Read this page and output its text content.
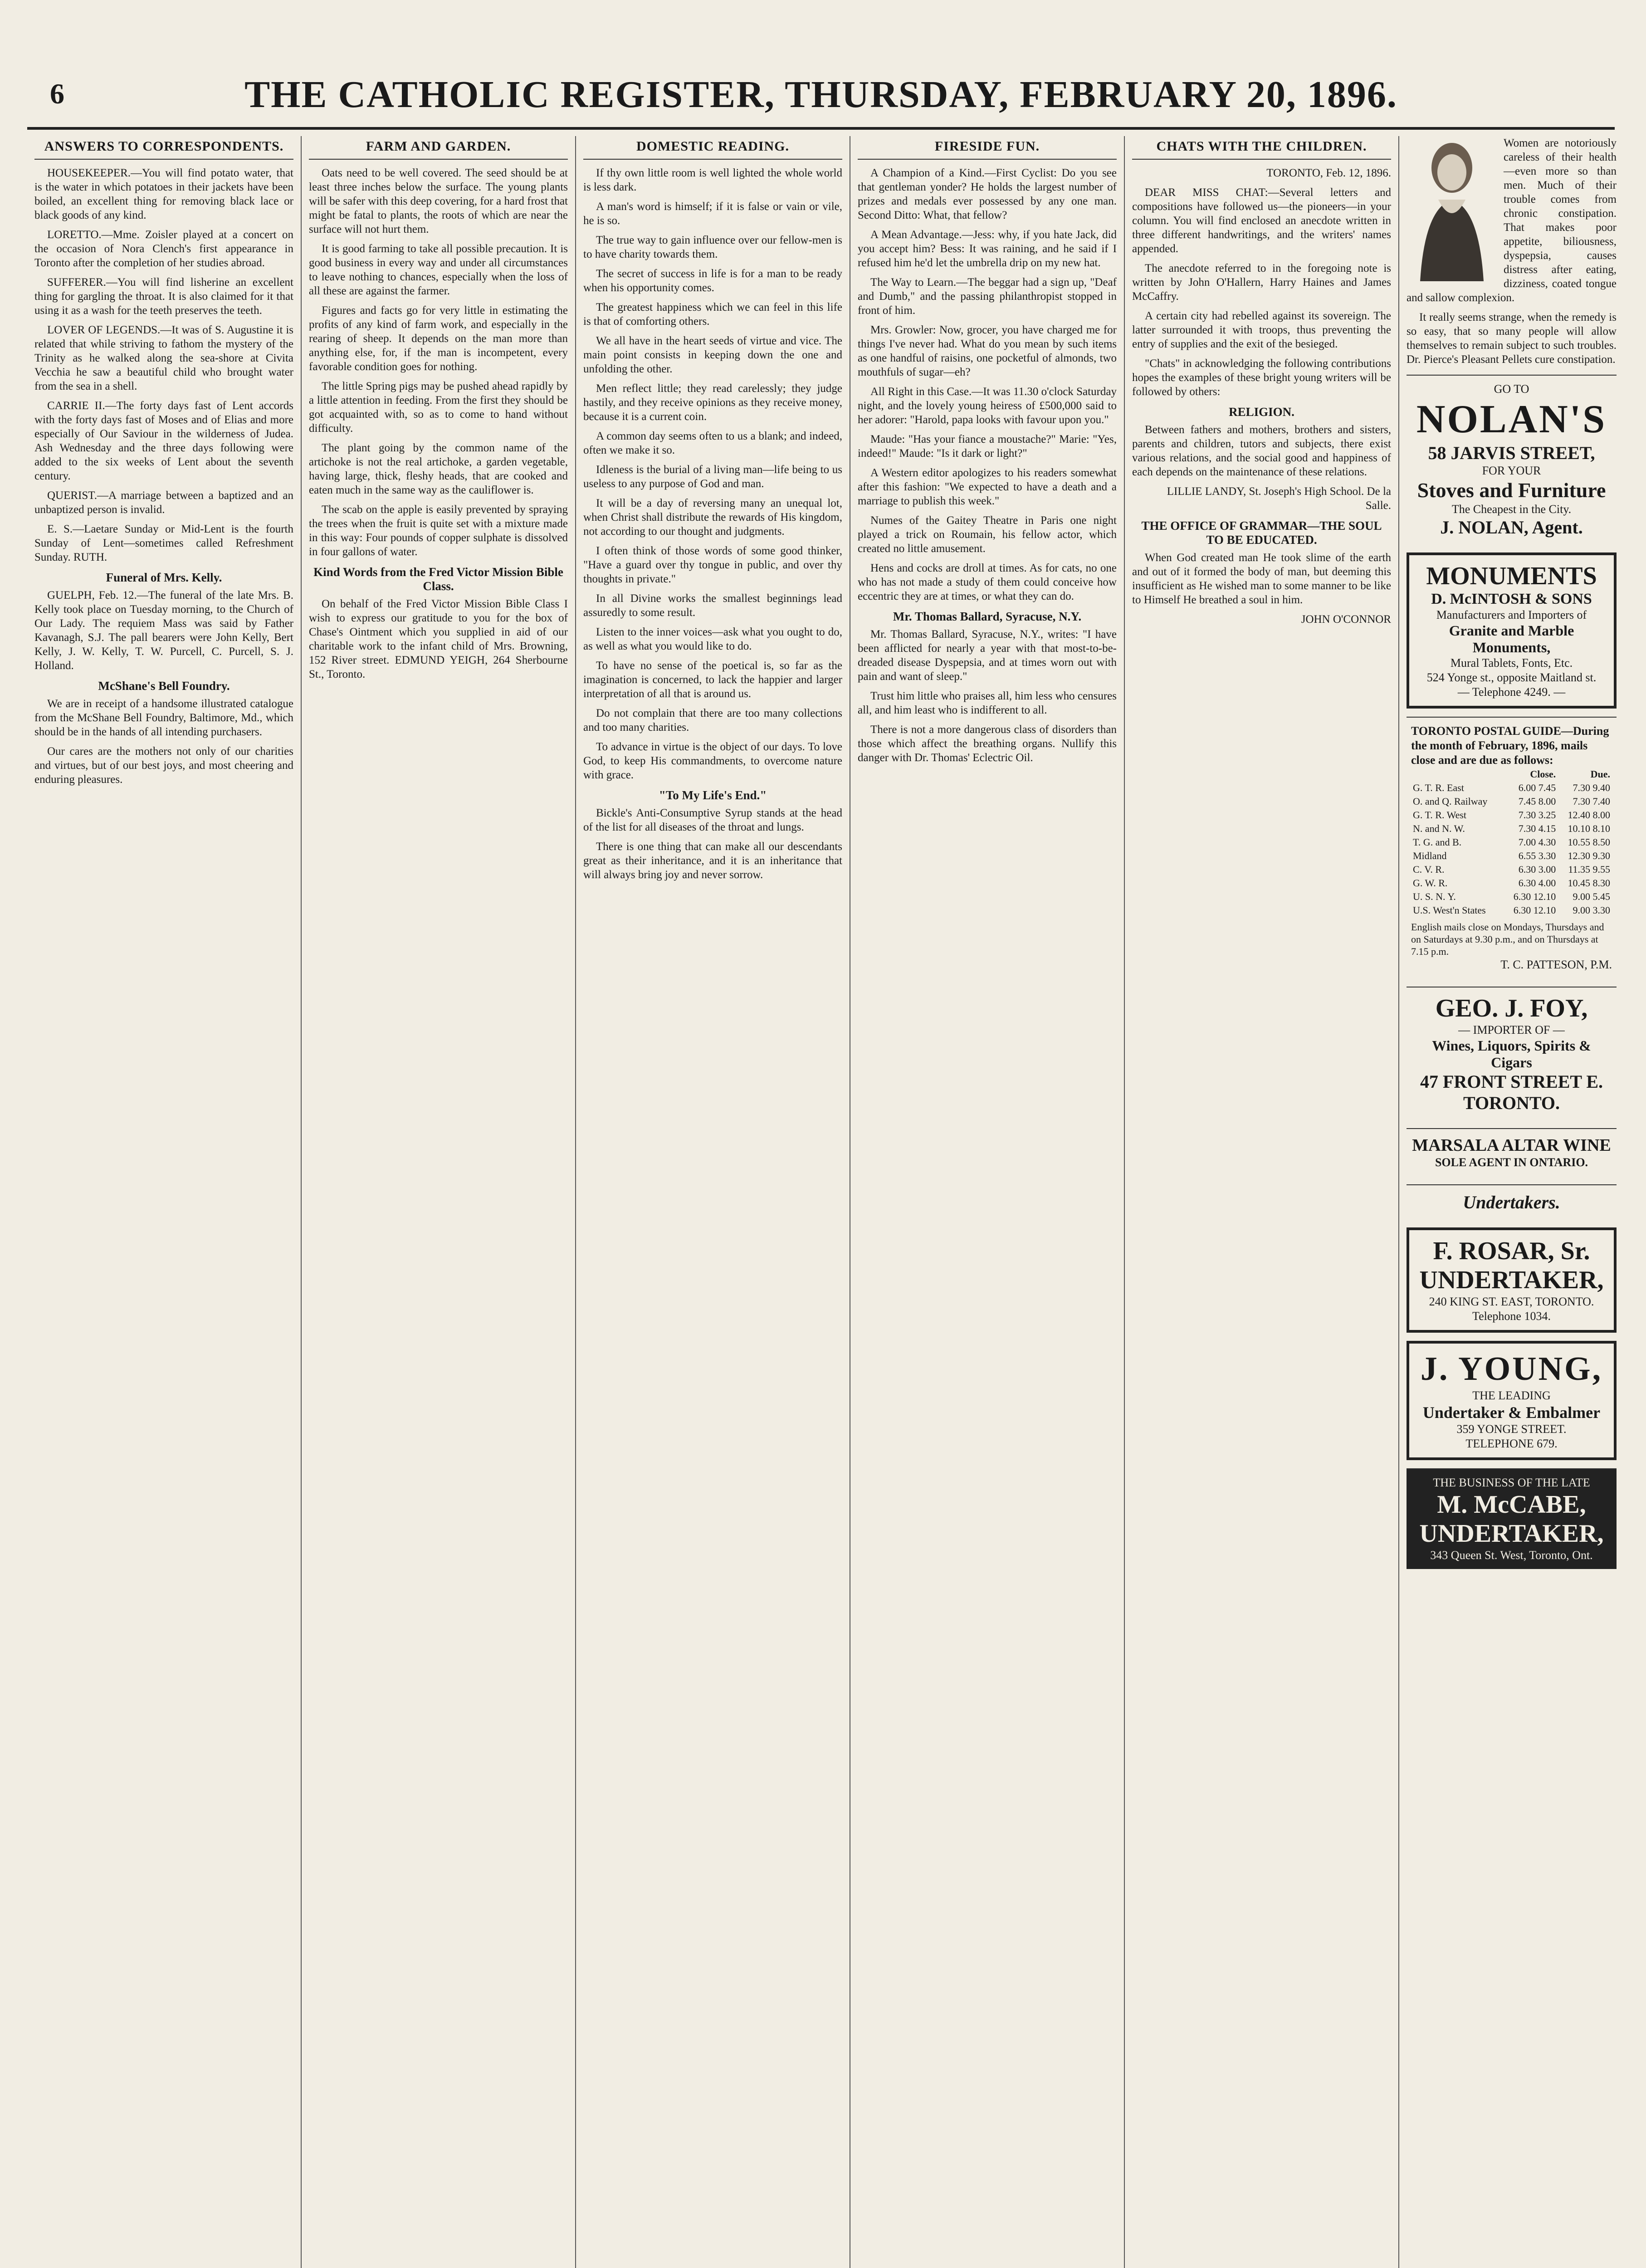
6	THE CATHOLIC REGISTER, THURSDAY, FEBRUARY 20, 1896.
ANSWERS TO CORRESPONDENTS.

HOUSEKEEPER.—You will find potato water, that is the water in which potatoes in their jackets have been boiled, an excellent thing for removing black lace or black goods of any kind.

LORETTO.—Mme. Zoisler played at a concert on the occasion of Nora Clench's first appearance in Toronto after the completion of her studies abroad.

SUFFERER.—You will find lisherine an excellent thing for gargling the throat. It is also claimed for it that using it as a wash for the teeth preserves the teeth.

LOVER OF LEGENDS.—It was of S. Augustine it is related that while striving to fathom the mystery of the Trinity as he walked along the sea-shore at Civita Vecchia he saw a beautiful child who brought water from the sea in a shell.

CARRIE II.—The forty days fast of Lent accords with the forty days fast of Moses and of Elias and more especially of Our Saviour in the wilderness of Judea. Ash Wednesday and the three days following were added to the six weeks of Lent about the seventh century.

QUERIST.—A marriage between a baptized and an unbaptized person is invalid.

E. S.—Laetare Sunday or Mid-Lent is the fourth Sunday of Lent—sometimes called Refreshment Sunday. RUTH.

Funeral of Mrs. Kelly.

GUELPH, Feb. 12.—The funeral of the late Mrs. B. Kelly took place on Tuesday morning, to the Church of Our Lady. The requiem Mass was said by Father Kavanagh, S.J. The pall bearers were John Kelly, Bert Kelly, J. W. Kelly, T. W. Purcell, C. Purcell, S. J. Holland.

McShane's Bell Foundry.

We are in receipt of a handsome illustrated catalogue from the McShane Bell Foundry, Baltimore, Md., which should be in the hands of all intending purchasers.

Our cares are the mothers not only of our charities and virtues, but of our best joys, and most cheering and enduring pleasures.

FARM AND GARDEN.

Oats need to be well covered. The seed should be at least three inches below the surface. The young plants will be safer with this deep covering, for a hard frost that might be fatal to plants, the roots of which are near the surface will not hurt them.

It is good farming to take all possible precaution. It is good business in every way and under all circumstances to leave nothing to chances, especially when the loss of all these are against the farmer.

Figures and facts go for very little in estimating the profits of any kind of farm work, and especially in the rearing of sheep. It depends on the man more than anything else, for, if the man is incompetent, every favorable condition goes for nothing.

The little Spring pigs may be pushed ahead rapidly by a little attention in feeding. From the first they should be got acquainted with, so as to come to hand without difficulty.

The plant going by the common name of the artichoke is not the real artichoke, a garden vegetable, having large, thick, fleshy heads, that are cooked and eaten much in the same way as the cauliflower is.

The scab on the apple is easily prevented by spraying the trees when the fruit is quite set with a mixture made in this way: Four pounds of copper sulphate is dissolved in four gallons of water.

Kind Words from the Fred Victor Mission Bible Class.

On behalf of the Fred Victor Mission Bible Class I wish to express our gratitude to you for the box of Chase's Ointment which you supplied in aid of our charitable work to the infant child of Mrs. Browning, 152 River street. EDMUND YEIGH, 264 Sherbourne St., Toronto.

DOMESTIC READING.

If thy own little room is well lighted the whole world is less dark.

A man's word is himself; if it is false or vain or vile, he is so.

The true way to gain influence over our fellow-men is to have charity towards them.

The secret of success in life is for a man to be ready when his opportunity comes.

The greatest happiness which we can feel in this life is that of comforting others.

We all have in the heart seeds of virtue and vice. The main point consists in keeping down the one and unfolding the other.

Men reflect little; they read carelessly; they judge hastily, and they receive opinions as they receive money, because it is a current coin.

A common day seems often to us a blank; and indeed, often we make it so.

Idleness is the burial of a living man—life being to us useless to any purpose of God and man.

It will be a day of reversing many an unequal lot, when Christ shall distribute the rewards of His kingdom, not according to our thought and judgments.

I often think of those words of some good thinker, "Have a guard over thy tongue in public, and over thy thoughts in private."

In all Divine works the smallest beginnings lead assuredly to some result.

Listen to the inner voices—ask what you ought to do, as well as what you would like to do.

To have no sense of the poetical is, so far as the imagination is concerned, to lack the happier and larger interpretation of all that is around us.

Do not complain that there are too many collections and too many charities.

To advance in virtue is the object of our days. To love God, to keep His commandments, to overcome nature with grace.

"To My Life's End."

Bickle's Anti-Consumptive Syrup stands at the head of the list for all diseases of the throat and lungs.

There is one thing that can make all our descendants great as their inheritance, and it is an inheritance that will always bring joy and never sorrow.

FIRESIDE FUN.

A Champion of a Kind.—First Cyclist: Do you see that gentleman yonder? He holds the largest number of prizes and medals ever possessed by any one man. Second Ditto: What, that fellow?

A Mean Advantage.—Jess: why, if you hate Jack, did you accept him? Bess: It was raining, and he said if I refused him he'd let the umbrella drip on my new hat.

The Way to Learn.—The beggar had a sign up, "Deaf and Dumb," and the passing philanthropist stopped in front of him.

Mrs. Growler: Now, grocer, you have charged me for things I've never had. What do you mean by such items as one handful of raisins, one pocketful of almonds, two mouthfuls of sugar—eh?

All Right in this Case.—It was 11.30 o'clock Saturday night, and the lovely young heiress of £500,000 said to her adorer: "Harold, papa looks with favour upon you."

Maude: "Has your fiance a moustache?" Marie: "Yes, indeed!" Maude: "Is it dark or light?"

A Western editor apologizes to his readers somewhat after this fashion: "We expected to have a death and a marriage to publish this week."

Numes of the Gaitey Theatre in Paris one night played a trick on Roumain, his fellow actor, which created no little amusement.

Hens and cocks are droll at times. As for cats, no one who has not made a study of them could conceive how eccentric they are at times, or what they can do.

Mr. Thomas Ballard, Syracuse, N.Y.

Mr. Thomas Ballard, Syracuse, N.Y., writes: "I have been afflicted for nearly a year with that most-to-be-dreaded disease Dyspepsia, and at times worn out with pain and want of sleep."

Trust him little who praises all, him less who censures all, and him least who is indifferent to all.

There is not a more dangerous class of disorders than those which affect the breathing organs. Nullify this danger with Dr. Thomas' Eclectric Oil.

CHATS WITH THE CHILDREN.

TORONTO, Feb. 12, 1896.

DEAR MISS CHAT:—Several letters and compositions have followed us—the pioneers—in your column. You will find enclosed an anecdote written in three different handwritings, and the writers' names appended.

The anecdote referred to in the foregoing note is written by John O'Hallern, Harry Haines and James McCaffry.

A certain city had rebelled against its sovereign. The latter surrounded it with troops, thus preventing the entry of supplies and the exit of the besieged.

"Chats" in acknowledging the following contributions hopes the examples of these bright young writers will be followed by others:

RELIGION.

Between fathers and mothers, brothers and sisters, parents and children, tutors and subjects, there exist various relations, and the social good and happiness of each depends on the maintenance of these relations.

LILLIE LANDY, St. Joseph's High School. De la Salle.

THE OFFICE OF GRAMMAR—THE SOUL TO BE EDUCATED.

When God created man He took slime of the earth and out of it formed the body of man, but deeming this insufficient as He wished man to some manner to be like to Himself He breathed a soul in him.

JOHN O'CONNOR

Women are notoriously careless of their health—even more so than men. Much of their trouble comes from chronic constipation. That makes poor appetite, biliousness, dyspepsia, causes distress after eating, dizziness, coated tongue and sallow complexion.

It really seems strange, when the remedy is so easy, that so many people will allow themselves to remain subject to such troubles. Dr. Pierce's Pleasant Pellets cure constipation.

GO TO
NOLAN'S
58 JARVIS STREET,
FOR YOUR
Stoves and Furniture
The Cheapest in the City.
J. NOLAN, Agent.
MONUMENTS
D. McINTOSH & SONS
Manufacturers and Importers of
Granite and Marble Monuments,
Mural Tablets, Fonts, Etc.
524 Yonge st., opposite Maitland st.
— Telephone 4249. —
TORONTO POSTAL GUIDE—During the month of February, 1896, mails close and are due as follows:
	Close.	Due.
G. T. R. East	6.00 7.45	7.30 9.40
O. and Q. Railway	7.45 8.00	7.30 7.40
G. T. R. West	7.30 3.25	12.40 8.00
N. and N. W.	7.30 4.15	10.10 8.10
T. G. and B.	7.00 4.30	10.55 8.50
Midland	6.55 3.30	12.30 9.30
C. V. R.	6.30 3.00	11.35 9.55
G. W. R.	6.30 4.00	10.45 8.30
U. S. N. Y.	6.30 12.10	9.00 5.45
U.S. West'n States	6.30 12.10	9.00 3.30
English mails close on Mondays, Thursdays and on Saturdays at 9.30 p.m., and on Thursdays at 7.15 p.m.
T. C. PATTESON, P.M.
GEO. J. FOY,
— IMPORTER OF —
Wines, Liquors, Spirits & Cigars
47 FRONT STREET E.
TORONTO.
MARSALA ALTAR WINE
SOLE AGENT IN ONTARIO.
Undertakers.
F. ROSAR, Sr.
UNDERTAKER,
240 KING ST. EAST, TORONTO.
Telephone 1034.
J. YOUNG,
THE LEADING
Undertaker & Embalmer
359 YONGE STREET.
TELEPHONE 679.
THE BUSINESS OF THE LATE
M. McCABE,
UNDERTAKER,
343 Queen St. West, Toronto, Ont.
